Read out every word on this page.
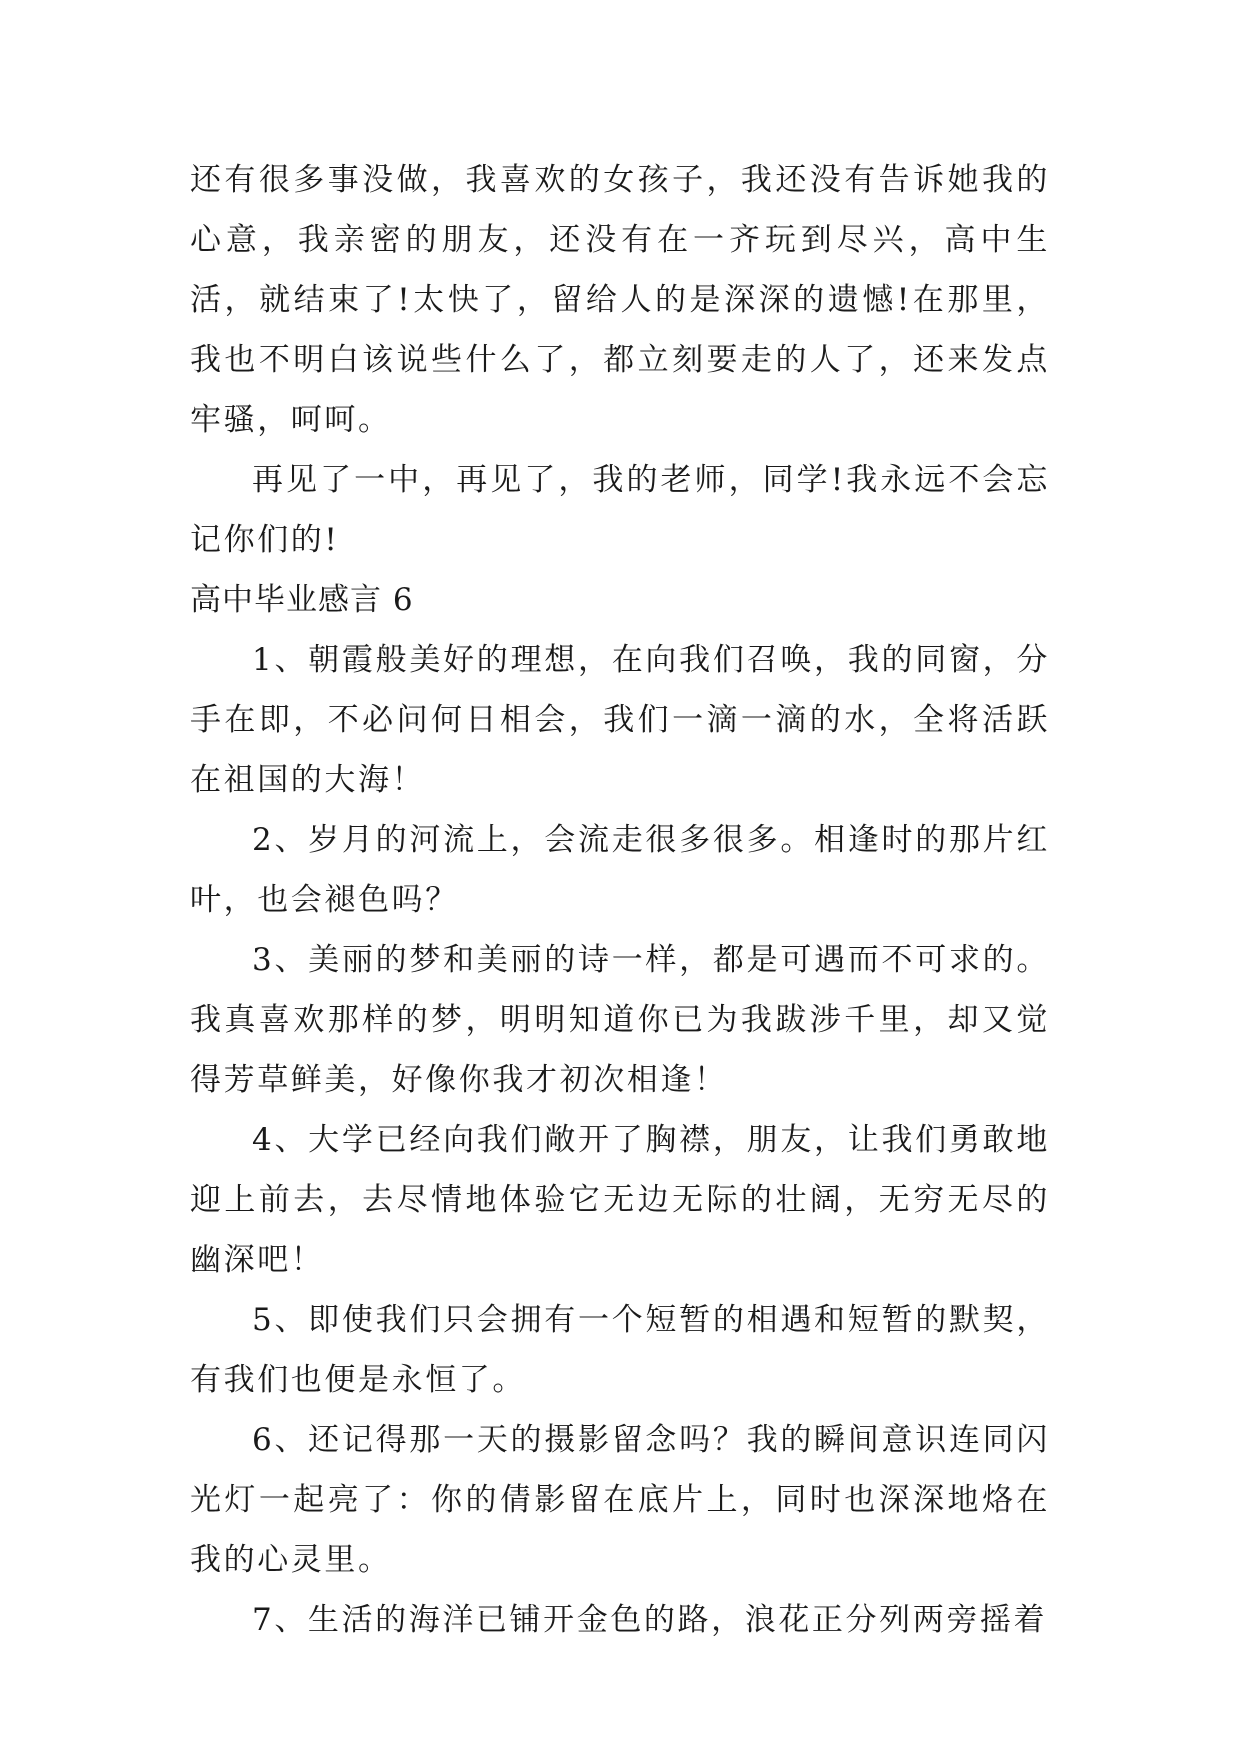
还有很多事没做，我喜欢的女孩子，我还没有告诉她我的心意，我亲密的朋友，还没有在一齐玩到尽兴，高中生活，就结束了!太快了，留给人的是深深的遗憾!在那里，我也不明白该说些什么了，都立刻要走的人了，还来发点牢骚，呵呵。

再见了一中，再见了，我的老师，同学!我永远不会忘记你们的!

高中毕业感言 6

1、朝霞般美好的理想，在向我们召唤，我的同窗，分手在即，不必问何日相会，我们一滴一滴的水，全将活跃在祖国的大海！

2、岁月的河流上，会流走很多很多。相逢时的那片红叶，也会褪色吗？

3、美丽的梦和美丽的诗一样，都是可遇而不可求的。我真喜欢那样的梦，明明知道你已为我跋涉千里，却又觉得芳草鲜美，好像你我才初次相逢！

4、大学已经向我们敞开了胸襟，朋友，让我们勇敢地迎上前去，去尽情地体验它无边无际的壮阔，无穷无尽的幽深吧！

5、即使我们只会拥有一个短暂的相遇和短暂的默契，有我们也便是永恒了。

6、还记得那一天的摄影留念吗？我的瞬间意识连同闪光灯一起亮了：你的倩影留在底片上，同时也深深地烙在我的心灵里。

7、生活的海洋已铺开金色的路，浪花正分列两旁摇着
